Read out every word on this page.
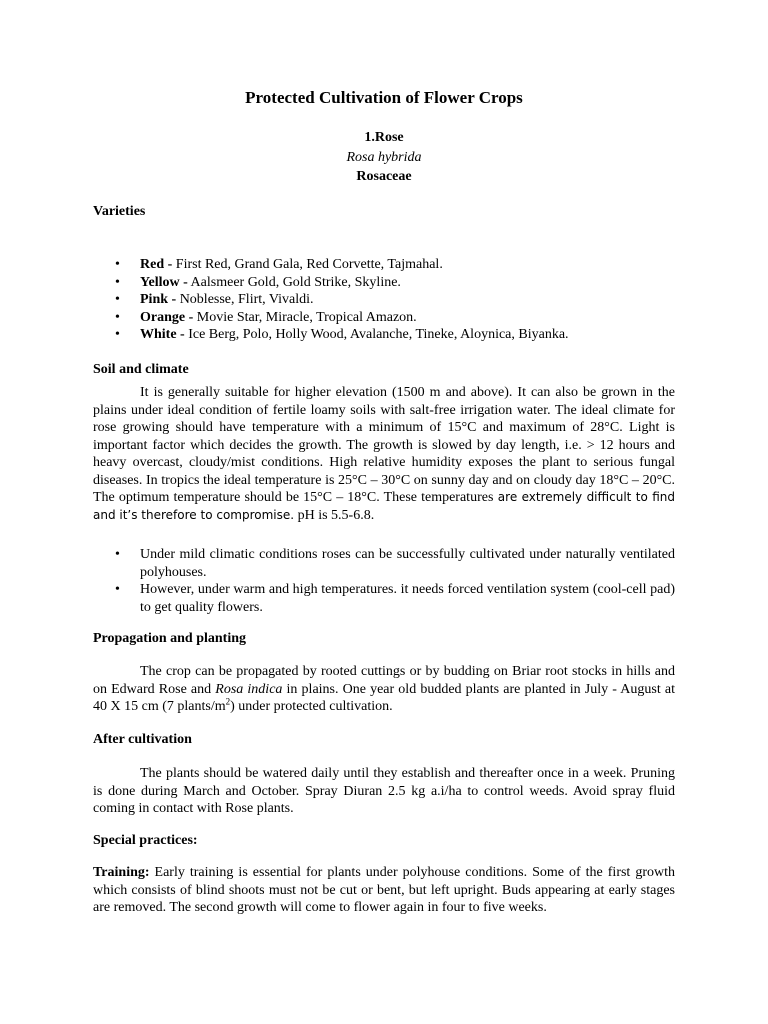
Protected Cultivation of Flower Crops
1.Rose
Rosa hybrida
Rosaceae
Varieties
• Red - First Red, Grand Gala, Red Corvette, Tajmahal.
• Yellow - Aalsmeer Gold, Gold Strike, Skyline.
• Pink - Noblesse, Flirt, Vivaldi.
• Orange - Movie Star, Miracle, Tropical Amazon.
• White - Ice Berg, Polo, Holly Wood, Avalanche, Tineke, Aloynica, Biyanka.
Soil and climate

It is generally suitable for higher elevation (1500 m and above). It can also be grown in the plains under ideal condition of fertile loamy soils with salt-free irrigation water. The ideal climate for rose growing should have temperature with a minimum of 15°C and maximum of 28°C. Light is important factor which decides the growth. The growth is slowed by day length, i.e. > 12 hours and heavy overcast, cloudy/mist conditions. High relative humidity exposes the plant to serious fungal diseases. In tropics the ideal temperature is 25°C – 30°C on sunny day and on cloudy day 18°C – 20°C. The optimum temperature should be 15°C – 18°C. These temperatures are extremely difficult to find and it’s therefore to compromise. pH is 5.5-6.8.

• Under mild climatic conditions roses can be successfully cultivated under naturally ventilated polyhouses.
• However, under warm and high temperatures. it needs forced ventilation system (cool-cell pad) to get quality flowers.
Propagation and planting

The crop can be propagated by rooted cuttings or by budding on Briar root stocks in hills and on Edward Rose and Rosa indica in plains. One year old budded plants are planted in July - August at 40 X 15 cm (7 plants/$m^2$) under protected cultivation.

After cultivation

The plants should be watered daily until they establish and thereafter once in a week. Pruning is done during March and October. Spray Diuran 2.5 kg a.i/ha to control weeds. Avoid spray fluid coming in contact with Rose plants.

Special practices:

Training: Early training is essential for plants under polyhouse conditions. Some of the first growth which consists of blind shoots must not be cut or bent, but left upright. Buds appearing at early stages are removed. The second growth will come to flower again in four to five weeks.
